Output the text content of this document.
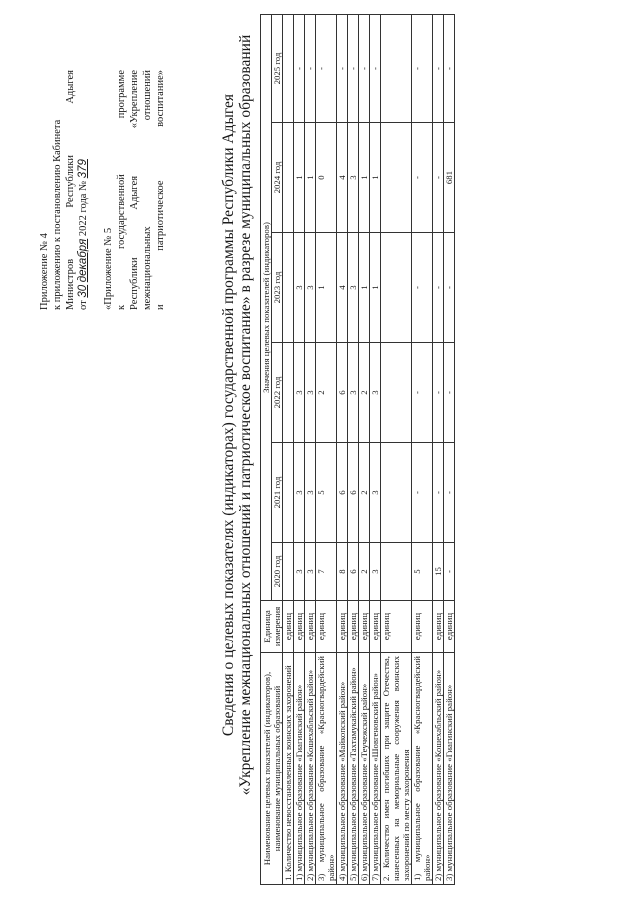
Приложение № 4 к приложению к постановлению Кабинета Министров
Республики
Адыгея
от 30 декабря 2022 года № 379
«Приложение № 5 к
государственной
программе
Республики
Адыгея
«Укрепление
межнациональных
отношений
и
патриотическое
воспитание»	Сведения о целевых показателях (индикаторах) государственной программы Республики Адыгея «Укрепление межнациональных отношений и патриотическое воспитание» в разрезе муниципальных образований Наименование целевых показателей (индикаторов), наименование муниципальных образований	Единица измерения	Значения целевых показателей (индикаторов)					
		2020 год	2021 год	2022 год	2023 год	2024 год	2025 год
1. Количество невосстановленных воинских захоронений	единиц						
1) муниципальное образование «Гиагинский район»	единиц	3	3	3	3	1	-
2) муниципальное образование «Кошехабльский район»	единиц	3	3	3	3	1	-
3) муниципальное образование «Красногвардейский район»	единиц	7	5	2	1	0	-
4) муниципальное образование «Майкопский район»	единиц	8	6	6	4	4	-
5) муниципальное образование «Тахтамукайский район»	единиц	6	6	3	3	3	-
6) муниципальное образование «Теучежский район»	единиц	2	2	2	1	1	-
7) муниципальное образование «Шовгеновский район»	единиц	3	3	3	1	1	-
2. Количество имен погибших при защите Отечества, нанесенных на мемориальные сооружения воинских захоронений по месту захоронения	единиц						
1) муниципальное образование «Красногвардейский район»	единиц	5	-	-	-	-	-
2) муниципальное образование «Кошехабльский район»	единиц	15	-	-	-	-	-
3) муниципальное образование «Гиагинский район»	единиц	-	-	-	-	681	-
